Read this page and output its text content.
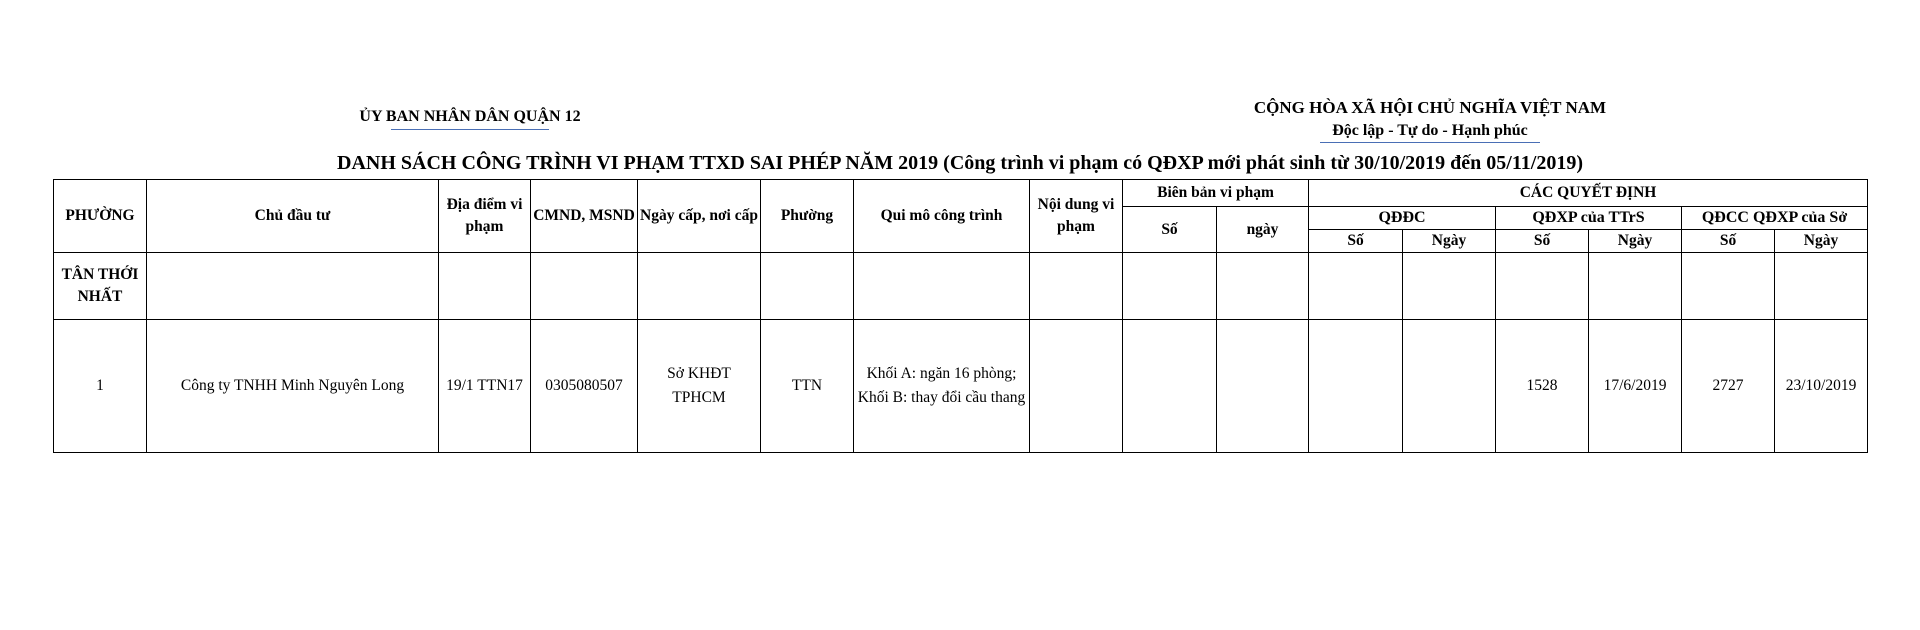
ỦY BAN NHÂN DÂN QUẬN 12	CỘNG HÒA XÃ HỘI CHỦ NGHĨA VIỆT NAM
Độc lập - Tự do - Hạnh phúc
DANH SÁCH CÔNG TRÌNH VI PHẠM TTXD SAI PHÉP NĂM 2019 (Công trình vi phạm có QĐXP mới phát sinh từ 30/10/2019 đến 05/11/2019)
PHƯỜNG	Chủ đầu tư	Địa điểm vi phạm	CMND, MSND	Ngày cấp, nơi cấp	Phường	Qui mô công trình	Nội dung vi phạm	Biên bản vi phạm		CÁC QUYẾT ĐỊNH					
								Số	ngày	QĐĐC		QĐXP của TTrS		QĐCC QĐXP của Sở	
										Số	Ngày	Số	Ngày	Số	Ngày
TÂN THỚI NHẤT															
1	Công ty TNHH Minh Nguyên Long	19/1 TTN17	0305080507	Sở KHĐT TPHCM	TTN	Khối A: ngăn 16 phòng; Khối B: thay đổi cầu thang						1528	17/6/2019	2727	23/10/2019
